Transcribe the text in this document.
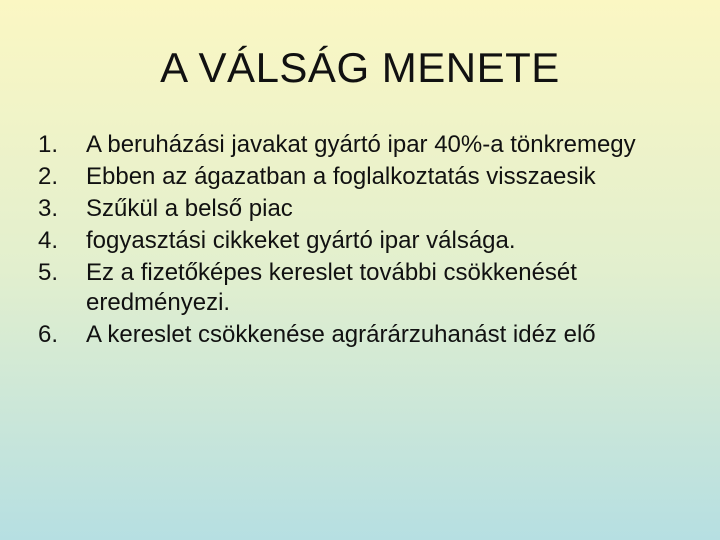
A VÁLSÁG MENETE
1.	A beruházási javakat gyártó ipar 40%-a tönkremegy
2.	Ebben az ágazatban a foglalkoztatás visszaesik
3.	Szűkül a belső piac
4.	fogyasztási cikkeket gyártó ipar válsága.
5.	Ez a fizetőképes kereslet további csökkenését eredményezi.
6.	A kereslet csökkenése agrárárzuhanást idéz elő
